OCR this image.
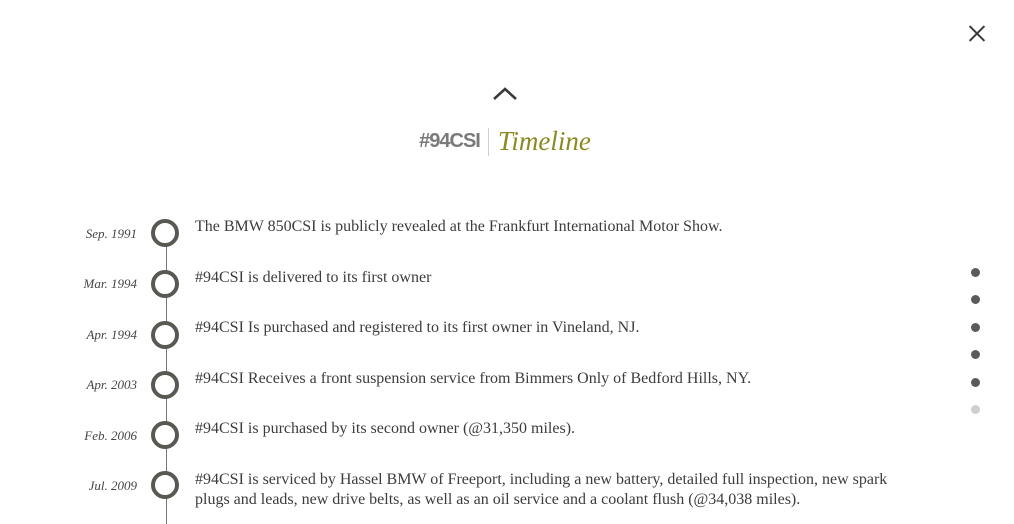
#94CSI Timeline
Sep. 1991	The BMW 850CSI is publicly revealed at the Frankfurt International Motor Show.
Mar. 1994	#94CSI is delivered to its first owner
Apr. 1994	#94CSI Is purchased and registered to its first owner in Vineland, NJ.
Apr. 2003	#94CSI Receives a front suspension service from Bimmers Only of Bedford Hills, NY.
Feb. 2006	#94CSI is purchased by its second owner (@31,350 miles).
Jul. 2009	#94CSI is serviced by Hassel BMW of Freeport, including a new battery, detailed full inspection, new spark plugs and leads, new drive belts, as well as an oil service and a coolant flush (@34,038 miles).
